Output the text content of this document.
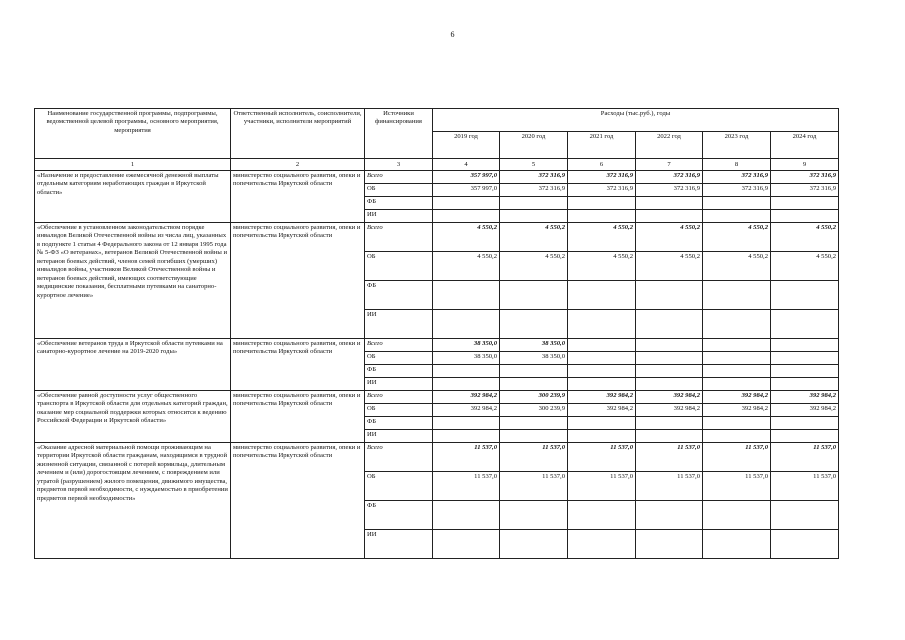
6
Наименование государственной программы, подпрограммы, ведомственной целевой программы, основного мероприятия, мероприятия	Ответственный исполнитель, соисполнители, участники, исполнители мероприятий	Источники финансирования	Расходы (тыс.руб.), годы					
			2019 год	2020 год	2021 год	2022 год	2023 год	2024 год
1	2	3	4	5	6	7	8	9
«Назначение и предоставление ежемесячной денежной выплаты отдельным категориям неработающих граждан в Иркутской области»	министерство социального развития, опеки и попечительства Иркутской области	Всего	357 997,0	372 316,9	372 316,9	372 316,9	372 316,9	372 316,9
		ОБ	357 997,0	372 316,9	372 316,9	372 316,9	372 316,9	372 316,9
		ФБ						
		ИИ						
«Обеспечение в установленном законодательством порядке инвалидов Великой Отечественной войны из числа лиц, указанных в подпункте 1 статьи 4 Федерального закона от 12 января 1995 года № 5-ФЗ «О ветеранах», ветеранов Великой Отечественной войны и ветеранов боевых действий, членов семей погибших (умерших) инвалидов войны, участников Великой Отечественной войны и ветеранов боевых действий, имеющих соответствующие медицинские показания, бесплатными путевками на санаторно-курортное лечение»	министерство социального развития, опеки и попечительства Иркутской области	Всего	4 550,2	4 550,2	4 550,2	4 550,2	4 550,2	4 550,2
		ОБ	4 550,2	4 550,2	4 550,2	4 550,2	4 550,2	4 550,2
		ФБ						
		ИИ						
«Обеспечение ветеранов труда в Иркутской области путевками на санаторно-курортное лечение на 2019-2020 годы»	министерство социального развития, опеки и попечительства Иркутской области	Всего	38 350,0	38 350,0				
		ОБ	38 350,0	38 350,0				
		ФБ						
		ИИ						
«Обеспечение равной доступности услуг общественного транспорта в Иркутской области для отдельных категорий граждан, оказание мер социальной поддержки которых относится к ведению Российской Федерации и Иркутской области»	министерство социального развития, опеки и попечительства Иркутской области	Всего	392 984,2	300 239,9	392 984,2	392 984,2	392 984,2	392 984,2
		ОБ	392 984,2	300 239,9	392 984,2	392 984,2	392 984,2	392 984,2
		ФБ						
		ИИ						
«Оказание адресной материальной помощи проживающим на территории Иркутской области гражданам, находящимся в трудной жизненной ситуации, связанной с потерей кормильца, длительным лечением и (или) дорогостоящим лечением, с повреждением или утратой (разрушением) жилого помещения, движимого имущества, предметов первой необходимости, с нуждаемостью в приобретении предметов первой необходимости»	министерство социального развития, опеки и попечительства Иркутской области	Всего	11 537,0	11 537,0	11 537,0	11 537,0	11 537,0	11 537,0
		ОБ	11 537,0	11 537,0	11 537,0	11 537,0	11 537,0	11 537,0
		ФБ						
		ИИ						
